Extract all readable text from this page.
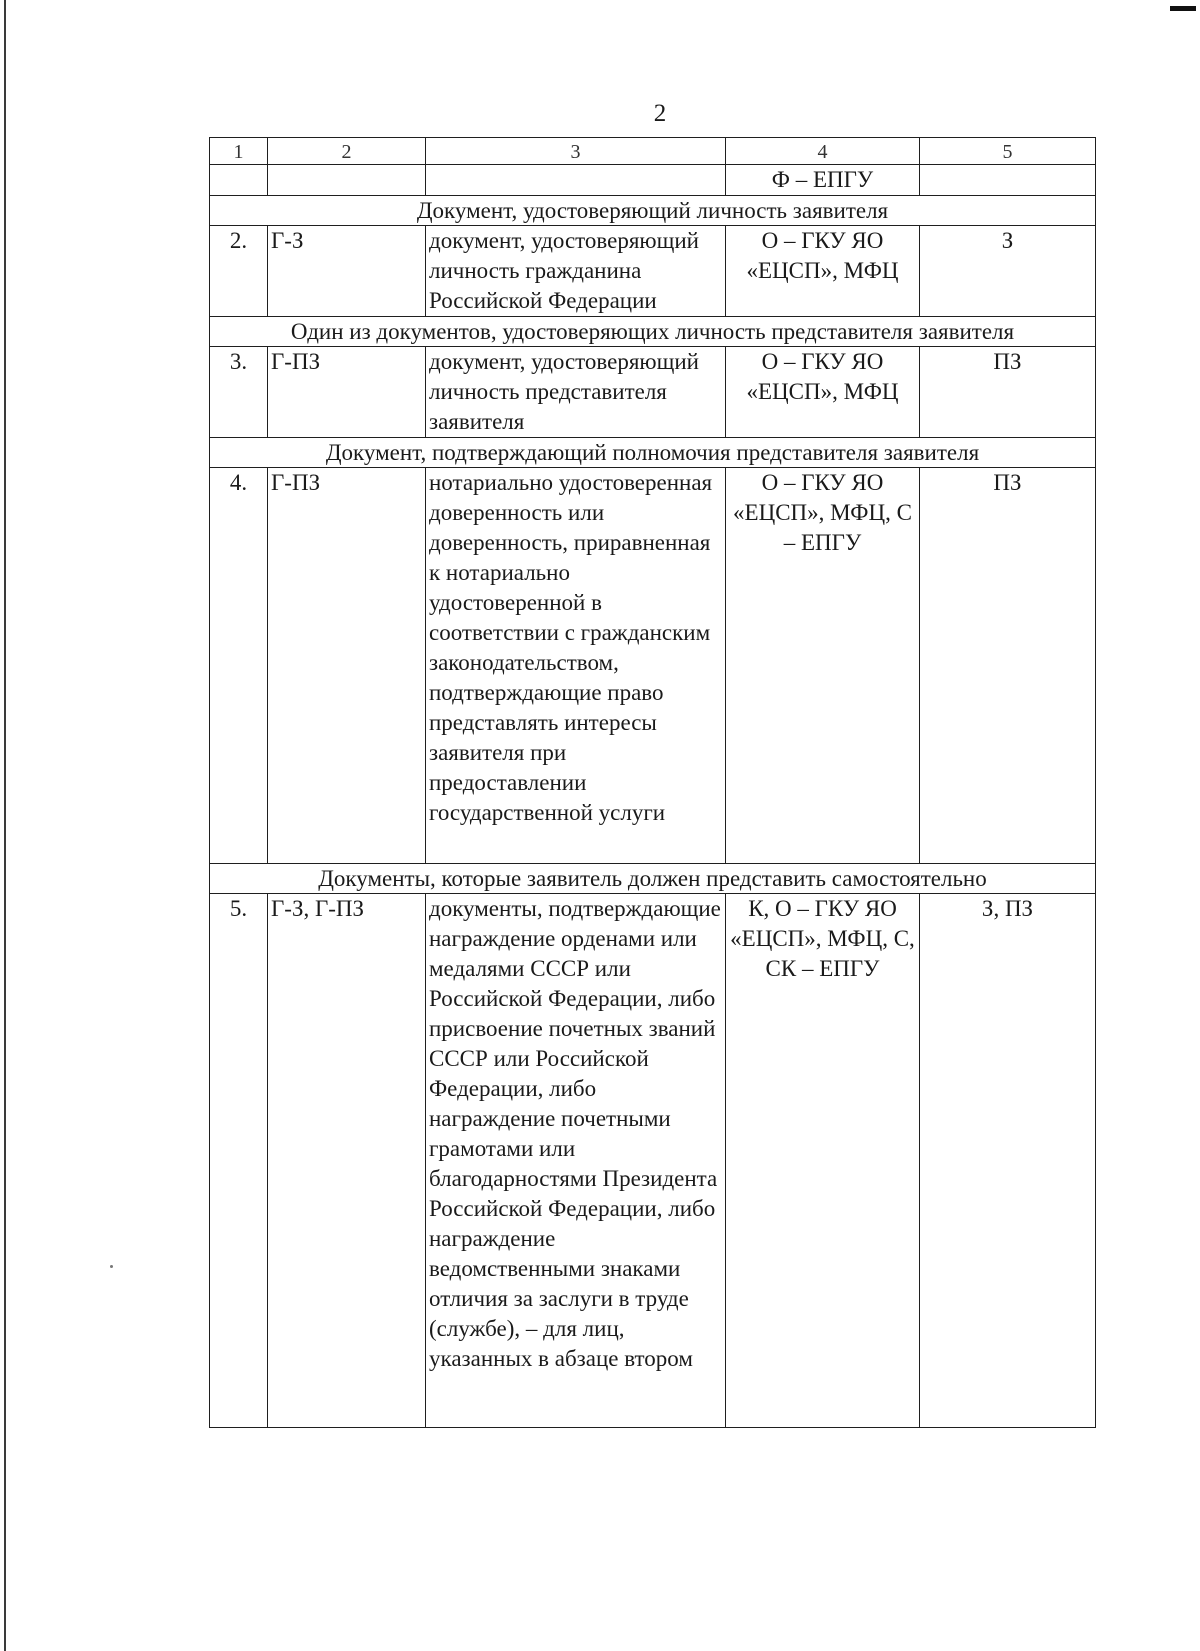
2
1	2	3	4	5
			Ф – ЕПГУ	
Документ, удостоверяющий личность заявителя				
2.	Г-З	документ, удостоверяющий личность гражданина Российской Федерации	О – ГКУ ЯО «ЕЦСП», МФЦ	З
Один из документов, удостоверяющих личность представителя заявителя				
3.	Г-ПЗ	документ, удостоверяющий личность представителя заявителя	О – ГКУ ЯО «ЕЦСП», МФЦ	ПЗ
Документ, подтверждающий полномочия представителя заявителя				
4.	Г-ПЗ	нотариально удостоверенная доверенность или доверенность, приравненная к нотариально удостоверенной в соответствии с гражданским законодательством, подтверждающие право представлять интересы заявителя при предоставлении государственной услуги	О – ГКУ ЯО «ЕЦСП», МФЦ, С – ЕПГУ	ПЗ
Документы, которые заявитель должен представить самостоятельно				
5.	Г-З, Г-ПЗ	документы, подтверждающие награждение орденами или медалями СССР или Российской Федерации, либо присвоение почетных званий СССР или Российской Федерации, либо награждение почетными грамотами или благодарностями Президента Российской Федерации, либо награждение ведомственными знаками отличия за заслуги в труде (службе), – для лиц, указанных в абзаце втором	К, О – ГКУ ЯО «ЕЦСП», МФЦ, С, СК – ЕПГУ	З, ПЗ
